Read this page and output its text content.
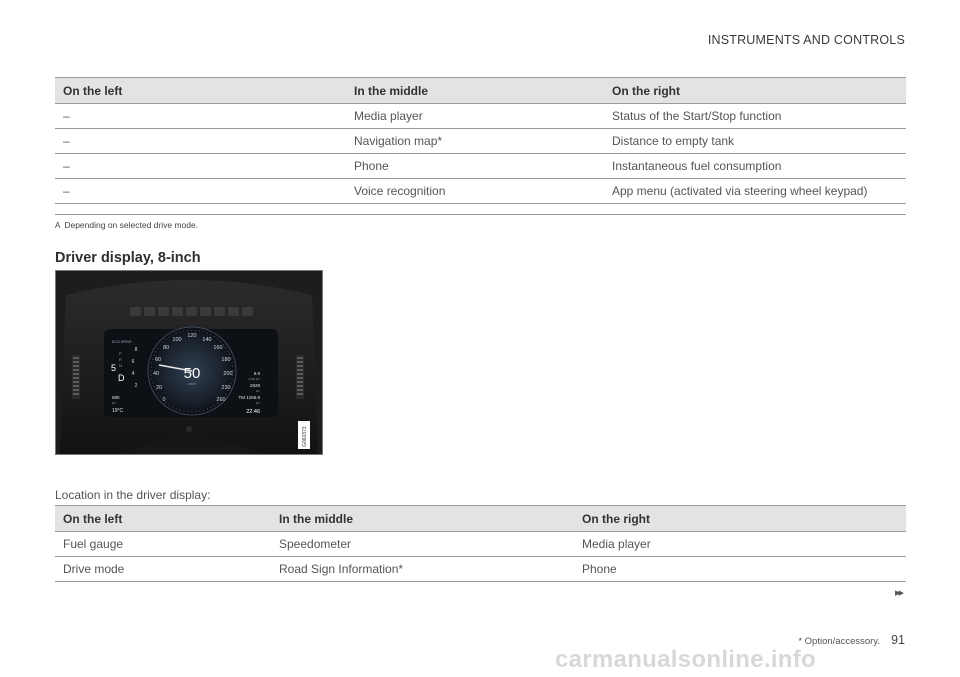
INSTRUMENTS AND CONTROLS
On the left	In the middle	On the right
–	Media player	Status of the Start/Stop function
–	Navigation map*	Distance to empty tank
–	Phone	Instantaneous fuel consumption
–	Voice recognition	App menu (activated via steering wheel keypad)

A Depending on selected drive mode.
Driver display, 8-inch
0
20
40
60
80
100
120
140
160
180
200
230
260
50
km/h
ECO DRIVE
8
6
4
2
P
R
N
5
D
980
km
19°C
9.9
l/100 km
2828
km
TM 1256.9
km
22:46
G060373
Location in the driver display:
On the left	In the middle	On the right
Fuel gauge	Speedometer	Media player
Drive mode	Road Sign Information*	Phone
▸▸
* Option/accessory. 91
carmanualsonline.info
